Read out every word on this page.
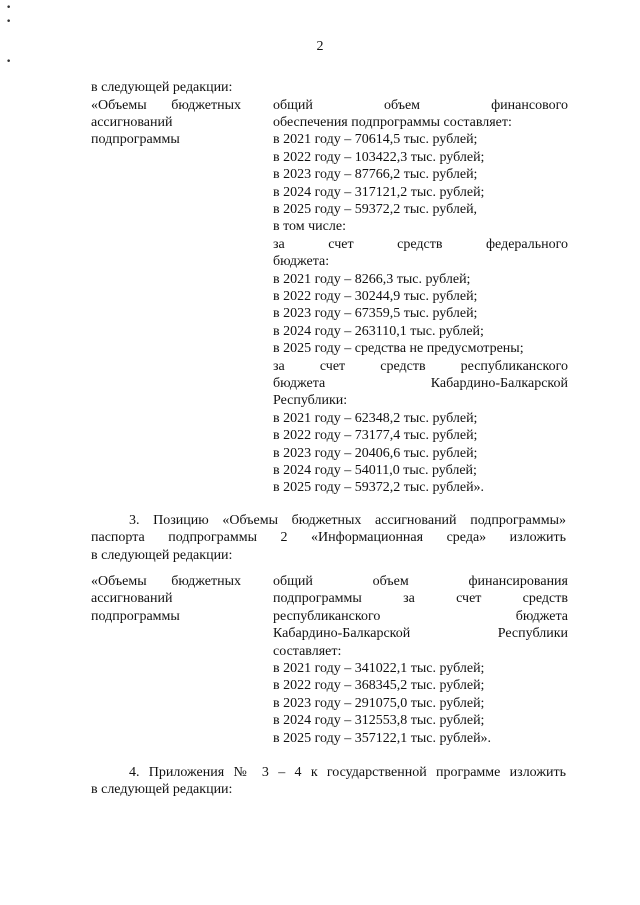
•
•
•
2
в следующей редакции:
«Объемы бюджетных
ассигнований
подпрограммы
общий объем финансового
обеспечения подпрограммы составляет:
в 2021 году – 70614,5 тыс. рублей;
в 2022 году – 103422,3 тыс. рублей;
в 2023 году – 87766,2 тыс. рублей;
в 2024 году – 317121,2 тыс. рублей;
в 2025 году – 59372,2 тыс. рублей,
в том числе:
за счет средств федерального
бюджета:
в 2021 году – 8266,3 тыс. рублей;
в 2022 году – 30244,9 тыс. рублей;
в 2023 году – 67359,5 тыс. рублей;
в 2024 году – 263110,1 тыс. рублей;
в 2025 году – средства не предусмотрены;
за счет средств республиканского
бюджета Кабардино-Балкарской
Республики:
в 2021 году – 62348,2 тыс. рублей;
в 2022 году – 73177,4 тыс. рублей;
в 2023 году – 20406,6 тыс. рублей;
в 2024 году – 54011,0 тыс. рублей;
в 2025 году – 59372,2 тыс. рублей».
3. Позицию «Объемы бюджетных ассигнований подпрограммы»
паспорта подпрограммы 2 «Информационная среда» изложить
в следующей редакции:
«Объемы бюджетных
ассигнований
подпрограммы
общий объем финансирования
подпрограммы за счет средств
республиканского бюджета
Кабардино-Балкарской Республики
составляет:
в 2021 году – 341022,1 тыс. рублей;
в 2022 году – 368345,2 тыс. рублей;
в 2023 году – 291075,0 тыс. рублей;
в 2024 году – 312553,8 тыс. рублей;
в 2025 году – 357122,1 тыс. рублей».
4. Приложения № 3 – 4 к государственной программе изложить
в следующей редакции:
